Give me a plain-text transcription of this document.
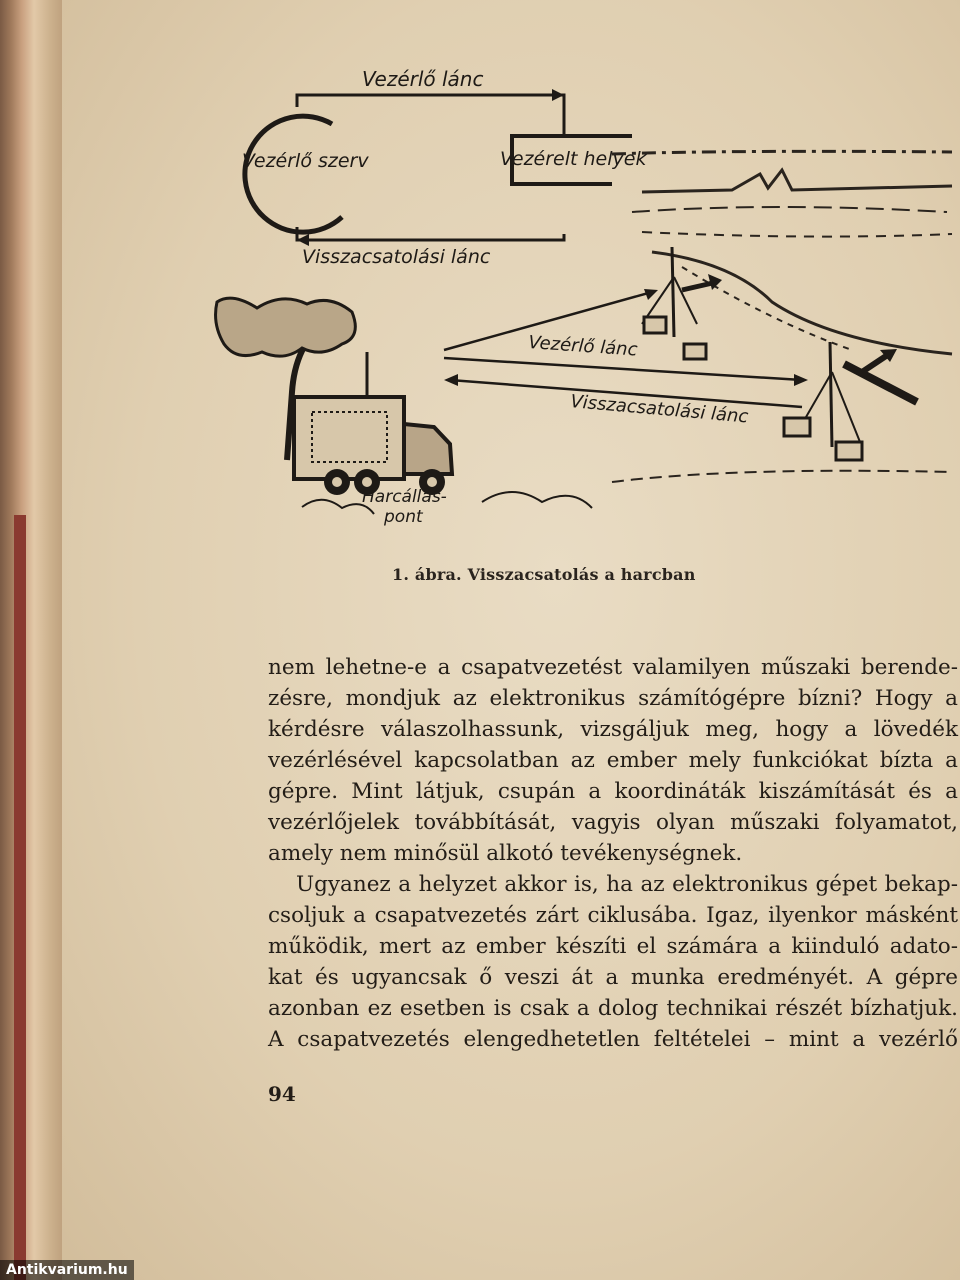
Vezérlő lánc
Vezérlő szerv	Vezérelt helyek
Visszacsatolási lánc
Vezérlő lánc
Visszacsatolási lánc
Harcállás-
pont
1. ábra. Visszacsatolás a harcban

nem lehetne-e a csapatvezetést valamilyen műszaki berende-
zésre, mondjuk az elektronikus számítógépre bízni? Hogy a
kérdésre válaszolhassunk, vizsgáljuk meg, hogy a lövedék
vezérlésével kapcsolatban az ember mely funkciókat bízta a
gépre. Mint látjuk, csupán a koordináták kiszámítását és a
vezérlőjelek továbbítását, vagyis olyan műszaki folyamatot,
amely nem minősül alkotó tevékenységnek.

Ugyanez a helyzet akkor is, ha az elektronikus gépet bekap-
csoljuk a csapatvezetés zárt ciklusába. Igaz, ilyenkor másként
működik, mert az ember készíti el számára a kiinduló adato-
kat és ugyancsak ő veszi át a munka eredményét. A gépre
azonban ez esetben is csak a dolog technikai részét bízhatjuk.
A csapatvezetés elengedhetetlen feltételei – mint a vezérlő

94
Antikvarium.hu
